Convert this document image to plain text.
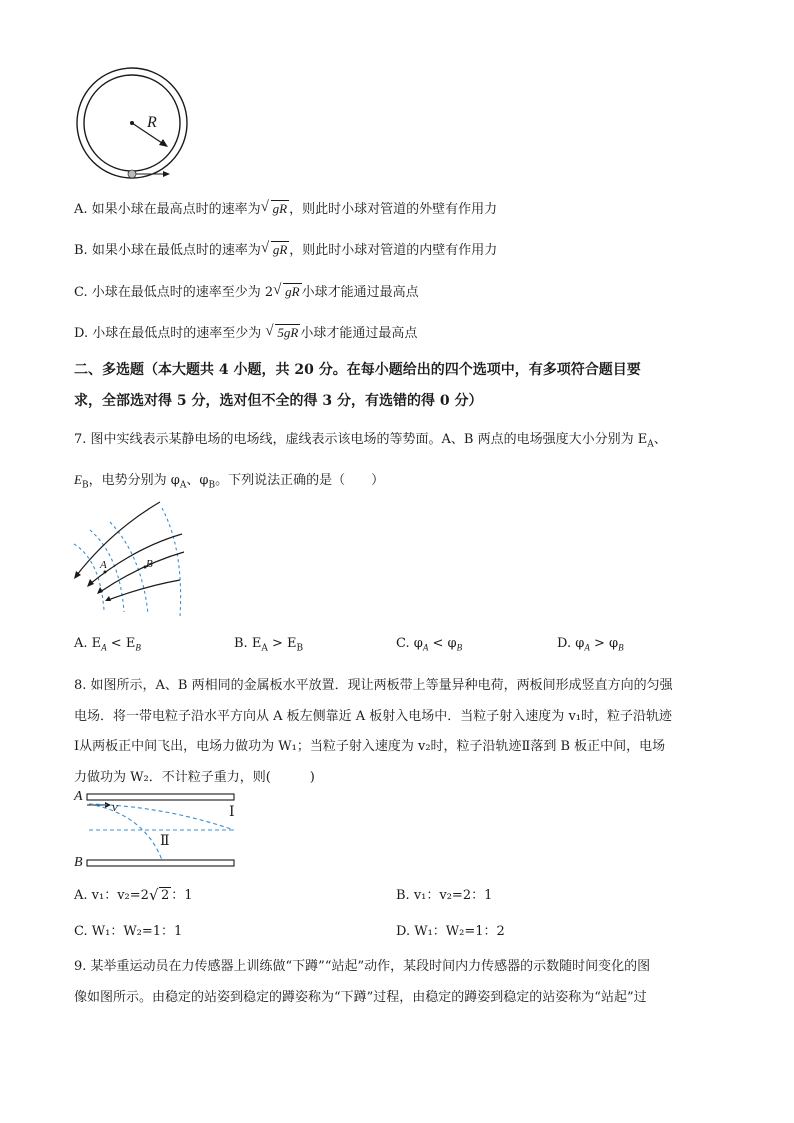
R
A. 如果小球在最高点时的速率为 √ gR ，则此时小球对管道的外壁有作用力
B. 如果小球在最低点时的速率为 √ gR ，则此时小球对管道的内壁有作用力
C. 小球在最低点时的速率至少为 2 √ gR 小球才能通过最高点
D. 小球在最低点时的速率至少为 √ 5gR 小球才能通过最高点
二、多选题（本大题共 4 小题，共 20 分。在每小题给出的四个选项中，有多项符合题目要
求，全部选对得 5 分，选对但不全的得 3 分，有选错的得 0 分）
7. 图中实线表示某静电场的电场线，虚线表示该电场的等势面。A、B 两点的电场强度大小分别为 $E_A$、
$E_B$，电势分别为 $\varphi_A$、$\varphi_B$。下列说法正确的是（　　）
A	B
A. $E_A < E_B$	B. $E_A > E_B$	C. $\varphi_A < \varphi_B$	D. $\varphi_A > \varphi_B$
8. 如图所示，A、B 两相同的金属板水平放置．现让两板带上等量异种电荷，两板间形成竖直方向的匀强
电场．将一带电粒子沿水平方向从 A 板左侧靠近 A 板射入电场中．当粒子射入速度为 v₁时，粒子沿轨迹
Ⅰ从两板正中间飞出，电场力做功为 W₁；当粒子射入速度为 v₂时，粒子沿轨迹Ⅱ落到 B 板正中间，电场
力做功为 W₂．不计粒子重力，则(　　　)
A
B
v	Ⅰ
Ⅱ
A. v₁：v₂=2 √ 2 ：1	B. v₁：v₂=2：1
C. W₁：W₂=1：1	D. W₁：W₂=1：2
9. 某举重运动员在力传感器上训练做“下蹲”“站起”动作，某段时间内力传感器的示数随时间变化的图
像如图所示。由稳定的站姿到稳定的蹲姿称为“下蹲”过程，由稳定的蹲姿到稳定的站姿称为“站起”过
